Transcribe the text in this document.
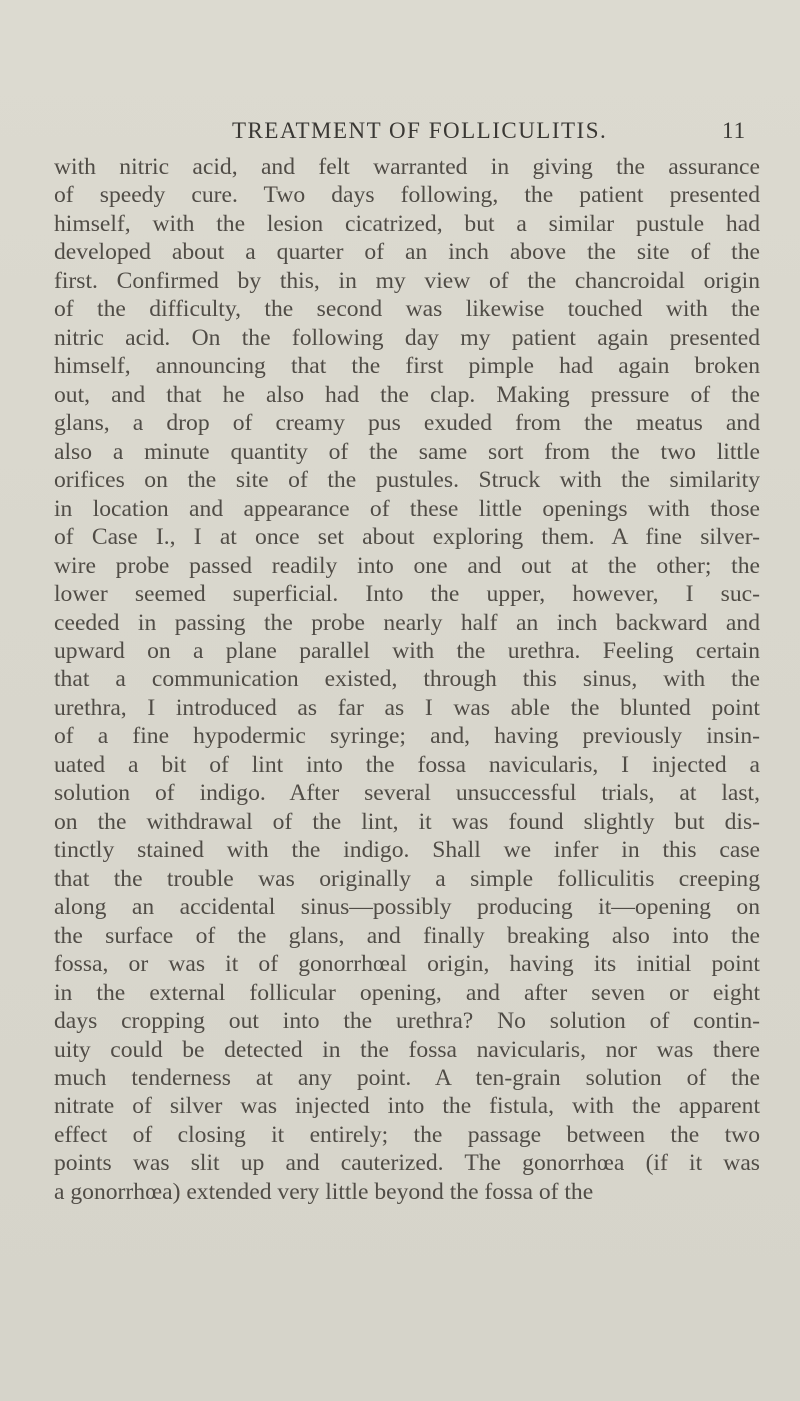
TREATMENT OF FOLLICULITIS.	11
with nitric acid, and felt warranted in giving the assurance
of speedy cure. Two days following, the patient presented
himself, with the lesion cicatrized, but a similar pustule had
developed about a quarter of an inch above the site of the
first. Confirmed by this, in my view of the chancroidal origin
of the difficulty, the second was likewise touched with the
nitric acid. On the following day my patient again presented
himself, announcing that the first pimple had again broken
out, and that he also had the clap. Making pressure of the
glans, a drop of creamy pus exuded from the meatus and
also a minute quantity of the same sort from the two little
orifices on the site of the pustules. Struck with the similarity
in location and appearance of these little openings with those
of Case I., I at once set about exploring them. A fine silver-
wire probe passed readily into one and out at the other; the
lower seemed superficial. Into the upper, however, I suc-
ceeded in passing the probe nearly half an inch backward and
upward on a plane parallel with the urethra. Feeling certain
that a communication existed, through this sinus, with the
urethra, I introduced as far as I was able the blunted point
of a fine hypodermic syringe; and, having previously insin-
uated a bit of lint into the fossa navicularis, I injected a
solution of indigo. After several unsuccessful trials, at last,
on the withdrawal of the lint, it was found slightly but dis-
tinctly stained with the indigo. Shall we infer in this case
that the trouble was originally a simple folliculitis creeping
along an accidental sinus—possibly producing it—opening on
the surface of the glans, and finally breaking also into the
fossa, or was it of gonorrhœal origin, having its initial point
in the external follicular opening, and after seven or eight
days cropping out into the urethra? No solution of contin-
uity could be detected in the fossa navicularis, nor was there
much tenderness at any point. A ten-grain solution of the
nitrate of silver was injected into the fistula, with the apparent
effect of closing it entirely; the passage between the two
points was slit up and cauterized. The gonorrhœa (if it was
a gonorrhœa) extended very little beyond the fossa of the
